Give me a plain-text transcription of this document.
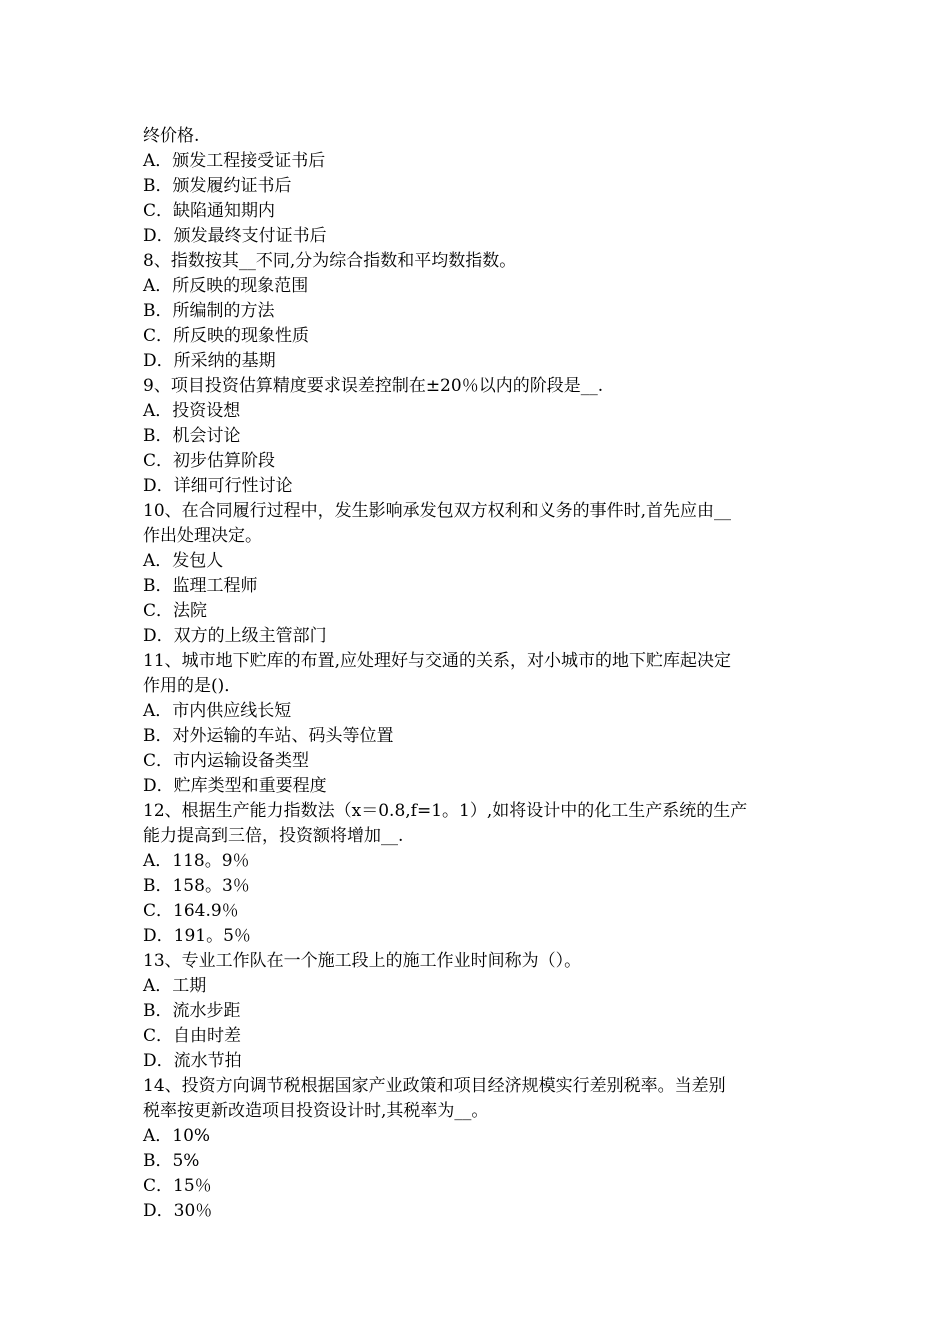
终价格.

A．颁发工程接受证书后

B．颁发履约证书后

C．缺陷通知期内

D．颁发最终支付证书后

8、指数按其__不同,分为综合指数和平均数指数。

A．所反映的现象范围

B．所编制的方法

C．所反映的现象性质

D．所采纳的基期

9、项目投资估算精度要求误差控制在±20％以内的阶段是__.

A．投资设想

B．机会讨论

C．初步估算阶段

D．详细可行性讨论

10、在合同履行过程中，发生影响承发包双方权利和义务的事件时,首先应由__

作出处理决定。

A．发包人

B．监理工程师

C．法院

D．双方的上级主管部门

11、城市地下贮库的布置,应处理好与交通的关系，对小城市的地下贮库起决定

作用的是()．

A．市内供应线长短

B．对外运输的车站、码头等位置

C．市内运输设备类型

D．贮库类型和重要程度

12、根据生产能力指数法（x＝0.8,f=1。1）,如将设计中的化工生产系统的生产

能力提高到三倍，投资额将增加__.

A．118。9％

B．158。3％

C．164.9％

D．191。5％

13、专业工作队在一个施工段上的施工作业时间称为（）。

A．工期

B．流水步距

C．自由时差

D．流水节拍

14、投资方向调节税根据国家产业政策和项目经济规模实行差别税率。当差别

税率按更新改造项目投资设计时,其税率为__。

A．10%

B．5%

C．15％

D．30％
